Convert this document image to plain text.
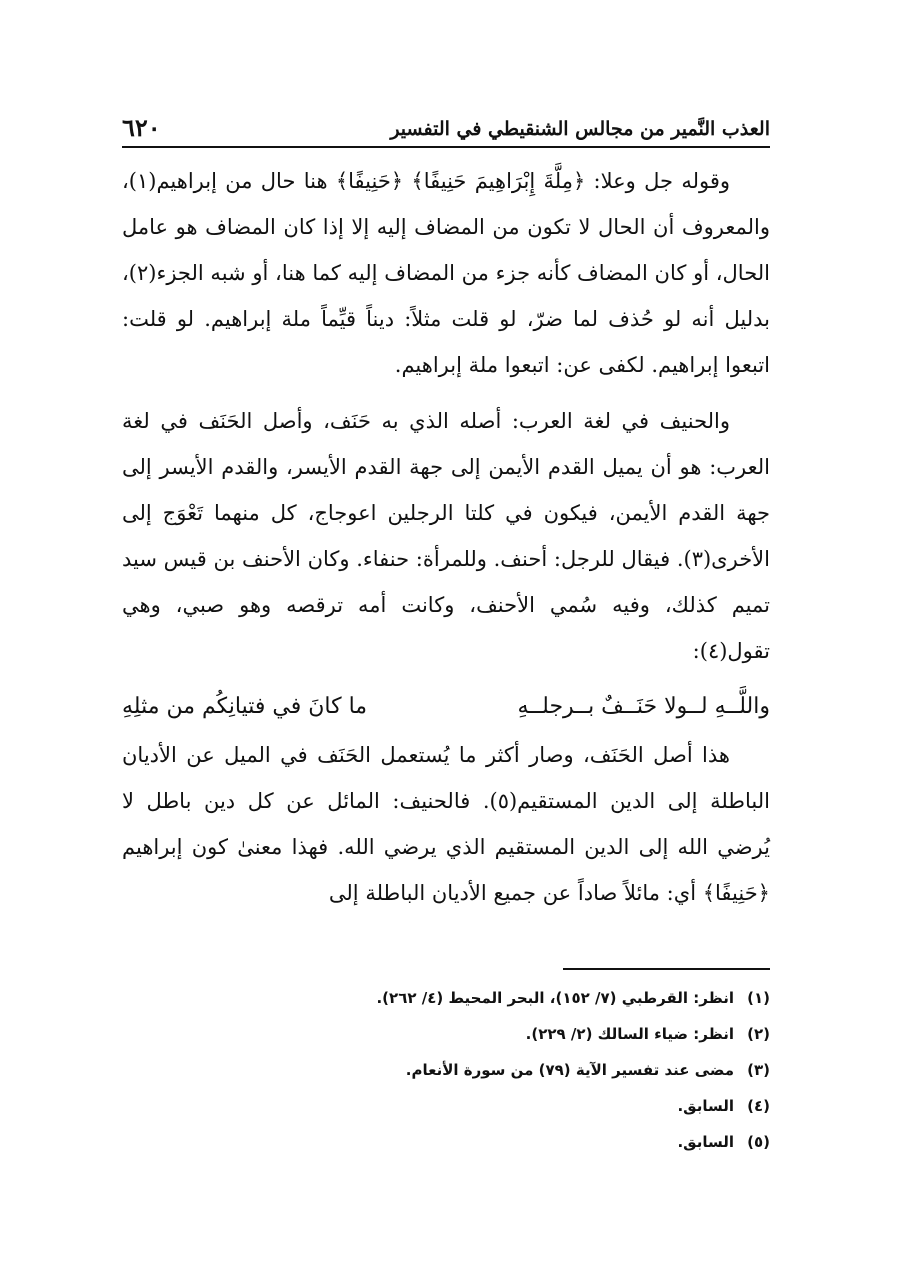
العذب النَّمير من مجالس الشنقيطي في التفسير
٦٢٠

وقوله جل وعلا: ﴿مِلَّةَ إِبْرَاهِيمَ حَنِيفًا﴾ ﴿حَنِيفًا﴾ هنا حال من إبراهيم(١)، والمعروف أن الحال لا تكون من المضاف إليه إلا إذا كان المضاف هو عامل الحال، أو كان المضاف كأنه جزء من المضاف إليه كما هنا، أو شبه الجزء(٢)، بدليل أنه لو حُذف لما ضرّ، لو قلت مثلاً: ديناً قيِّماً ملة إبراهيم. لو قلت: اتبعوا إبراهيم. لكفى عن: اتبعوا ملة إبراهيم.

والحنيف في لغة العرب: أصله الذي به حَنَف، وأصل الحَنَف في لغة العرب: هو أن يميل القدم الأيمن إلى جهة القدم الأيسر، والقدم الأيسر إلى جهة القدم الأيمن، فيكون في كلتا الرجلين اعوجاج، كل منهما تَعْوَج إلى الأخرى(٣). فيقال للرجل: أحنف. وللمرأة: حنفاء. وكان الأحنف بن قيس سيد تميم كذلك، وفيه سُمي الأحنف، وكانت أمه ترقصه وهو صبي، وهي تقول(٤):

واللَّــهِ لــولا حَنَــفٌ بــرجلــهِ
ما كانَ في فتيانِكُم من مثلِهِ

هذا أصل الحَنَف، وصار أكثر ما يُستعمل الحَنَف في الميل عن الأديان الباطلة إلى الدين المستقيم(٥). فالحنيف: المائل عن كل دين باطل لا يُرضي الله إلى الدين المستقيم الذي يرضي الله. فهذا معنىٰ كون إبراهيم ﴿حَنِيفًا﴾ أي: مائلاً صاداً عن جميع الأديان الباطلة إلى

(١)
انظر: القرطبي (٧/ ١٥٢)، البحر المحيط (٤/ ٢٦٢).
(٢)
انظر: ضياء السالك (٢/ ٢٢٩).
(٣)
مضى عند تفسير الآية (٧٩) من سورة الأنعام.
(٤)
السابق.
(٥)
السابق.
